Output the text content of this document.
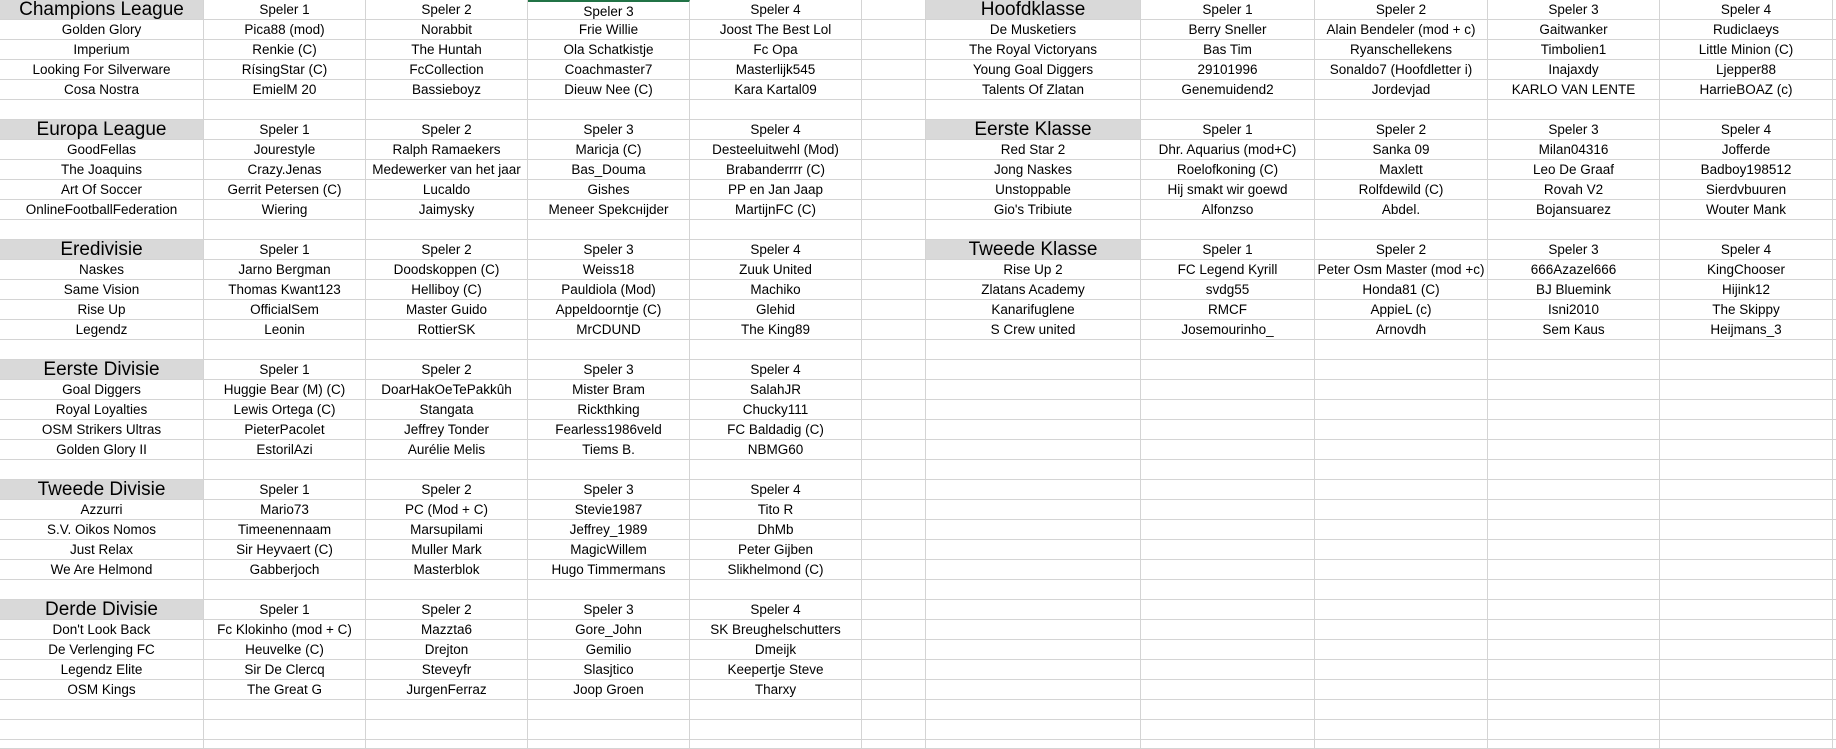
Champions League	Speler 1	Speler 2	Speler 3	Speler 4	Hoofdklasse	Speler 1	Speler 2	Speler 3	Speler 4
Golden Glory	Pica88 (mod)	Norabbit	Frie Willie	Joost The Best Lol	De Musketiers	Berry Sneller	Alain Bendeler (mod + c)	Gaitwanker	Rudiclaeys
Imperium	Renkie (C)	The Huntah	Ola Schatkistje	Fc Opa	The Royal Victoryans	Bas Tim	Ryanschellekens	Timbolien1	Little Minion (C)
Looking For Silverware	RísingStar (C)	FcCollection	Coachmaster7	Masterlijk545	Young Goal Diggers	29101996	Sonaldo7 (Hoofdletter i)	Inajaxdy	Ljepper88
Cosa Nostra	EmielM 20	Bassieboyz	Dieuw Nee (C)	Kara Kartal09	Talents Of Zlatan	Genemuidend2	Jordevjad	KARLO VAN LENTE	HarrieBOAZ (c)
Europa League	Speler 1	Speler 2	Speler 3	Speler 4	Eerste Klasse	Speler 1	Speler 2	Speler 3	Speler 4
GoodFellas	Jourestyle	Ralph Ramaekers	Maricja (C)	Desteeluitwehl (Mod)	Red Star 2	Dhr. Aquarius (mod+C)	Sanka 09	Milan04316	Jofferde
The Joaquins	Crazy.Jenas	Medewerker van het jaar	Bas_Douma	Brabanderrrr (C)	Jong Naskes	Roelofkoning (C)	Maxlett	Leo De Graaf	Badboy198512
Art Of Soccer	Gerrit Petersen (C)	Lucaldo	Gishes	PP en Jan Jaap	Unstoppable	Hij smakt wir goewd	Rolfdewild (C)	Rovah V2	Sierdvbuuren
OnlineFootballFederation	Wiering	Jaimysky	Meneer Spekснijder	MartijnFC (C)	Gio's Tribiute	Alfonzso	Abdel.	Bojansuarez	Wouter Mank
Eredivisie	Speler 1	Speler 2	Speler 3	Speler 4	Tweede Klasse	Speler 1	Speler 2	Speler 3	Speler 4
Naskes	Jarno Bergman	Doodskoppen (C)	Weiss18	Zuuk United	Rise Up 2	FC Legend Kyrill	Peter Osm Master (mod +c)	666Azazel666	KingChooser
Same Vision	Thomas Kwant123	Helliboy (C)	Pauldiola (Mod)	Machiko	Zlatans Academy	svdg55	Honda81 (C)	BJ Bluemink	Hijink12
Rise Up	OfficialSem	Master Guido	Appeldoorntje (C)	Glehid	Kanarifuglene	RMCF	AppieL (c)	Isni2010	The Skippy
Legendz	Leonin	RottierSK	MrCDUND	The King89	S Crew united	Josemourinho_	Arnovdh	Sem Kaus	Heijmans_3
Eerste Divisie	Speler 1	Speler 2	Speler 3	Speler 4
Goal Diggers	Huggie Bear (M) (C)	DoarHakOeTePakkûh	Mister Bram	SalahJR
Royal Loyalties	Lewis Ortega (C)	Stangata	Rickthking	Chucky111
OSM Strikers Ultras	PieterPacolet	Jeffrey Tonder	Fearless1986veld	FC Baldadig (C)
Golden Glory II	EstorilAzi	Aurélie Melis	Tiems B.	NBMG60
Tweede Divisie	Speler 1	Speler 2	Speler 3	Speler 4
Azzurri	Mario73	PC (Mod + C)	Stevie1987	Tito R
S.V. Oikos Nomos	Timeenennaam	Marsupilami	Jeffrey_1989	DhMb
Just Relax	Sir Heyvaert (C)	Muller Mark	MagicWillem	Peter Gijben
We Are Helmond	Gabberjoch	Masterblok	Hugo Timmermans	Slikhelmond (C)
Derde Divisie	Speler 1	Speler 2	Speler 3	Speler 4
Don't Look Back	Fc Klokinho (mod + C)	Mazzta6	Gore_John	SK Breughelschutters
De Verlenging FC	Heuvelke (C)	Drejton	Gemilio	Dmeijk
Legendz Elite	Sir De Clercq	Steveyfr	Slasjtico	Keepertje Steve
OSM Kings	The Great G	JurgenFerraz	Joop Groen	Tharxy
